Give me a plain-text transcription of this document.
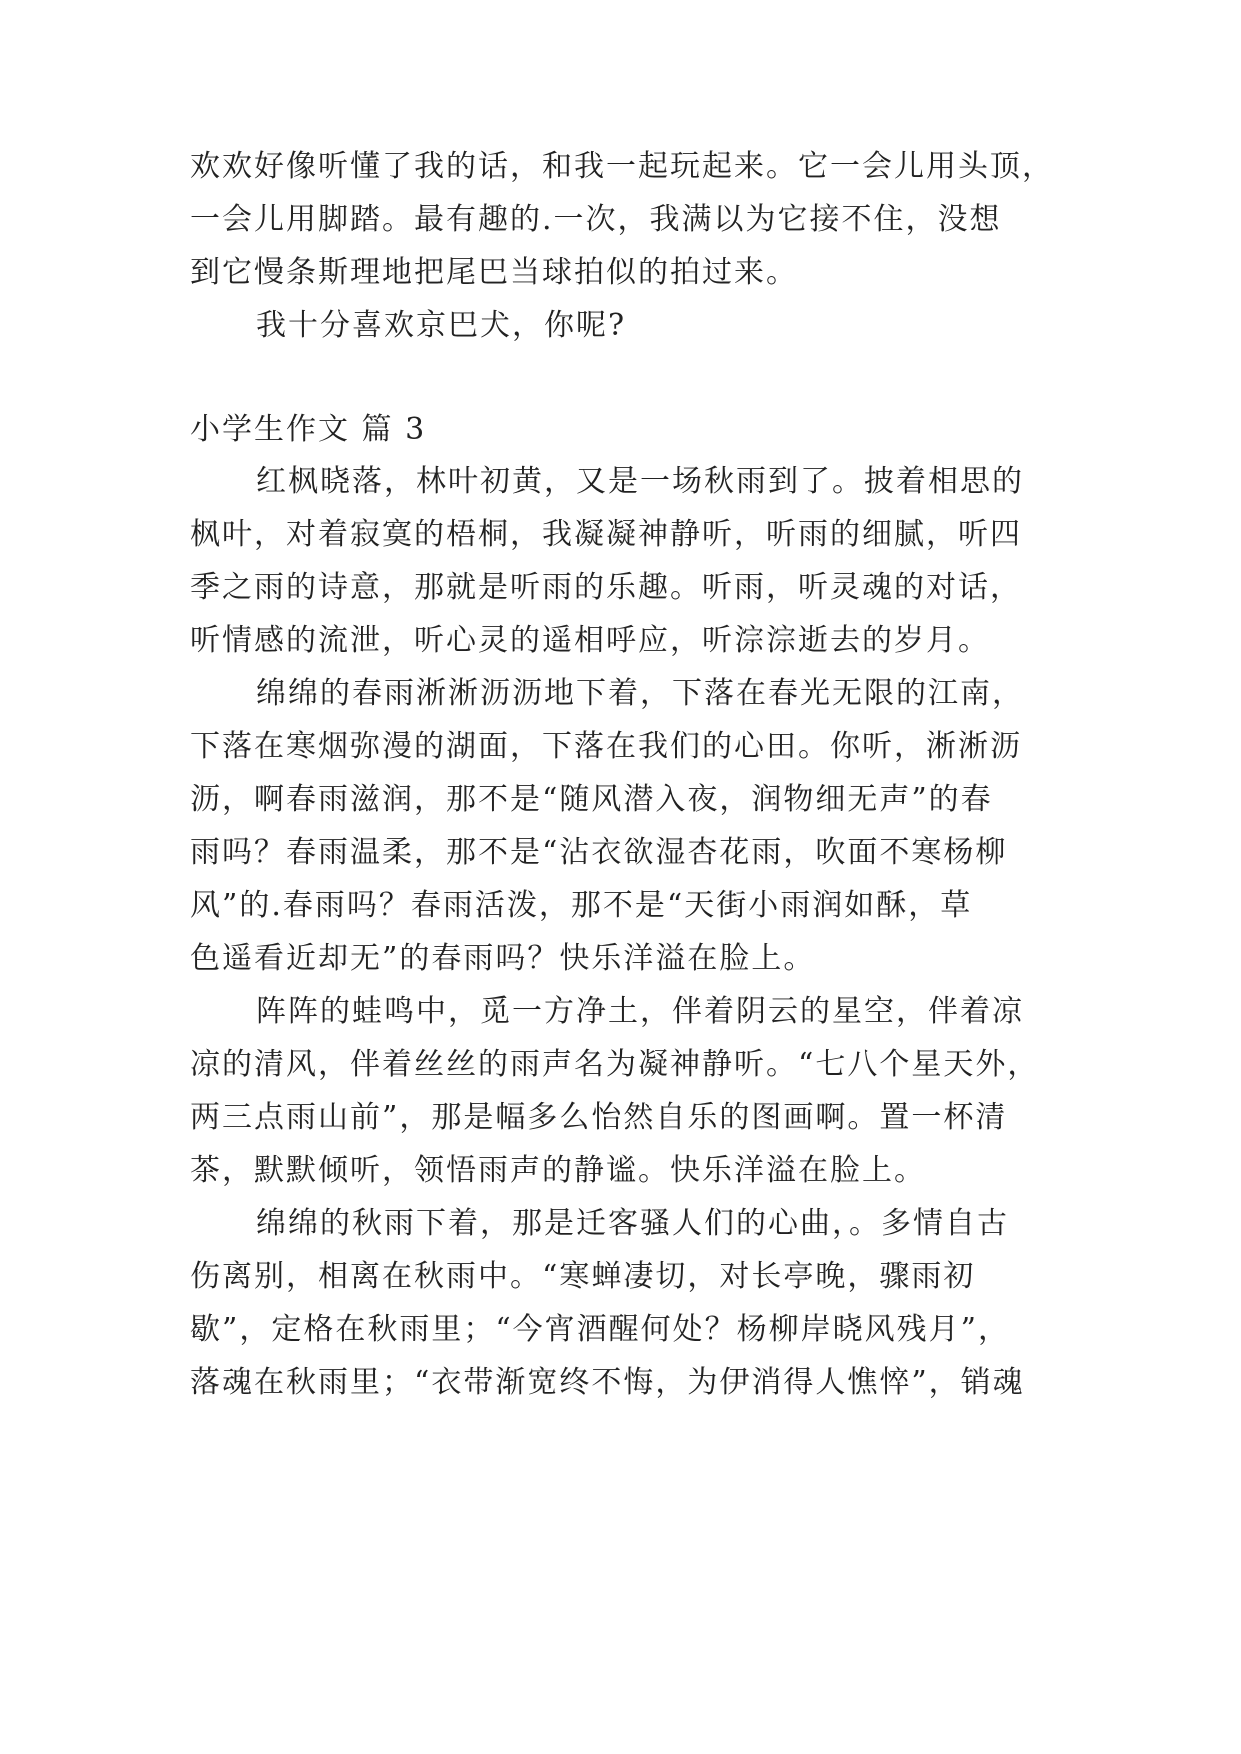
欢欢好像听懂了我的话，和我一起玩起来。它一会儿用头顶，

一会儿用脚踏。最有趣的.一次，我满以为它接不住，没想

到它慢条斯理地把尾巴当球拍似的拍过来。

我十分喜欢京巴犬，你呢?

小学生作文 篇 3

红枫晓落，林叶初黄，又是一场秋雨到了。披着相思的

枫叶，对着寂寞的梧桐，我凝凝神静听，听雨的细腻，听四

季之雨的诗意，那就是听雨的乐趣。听雨，听灵魂的对话，

听情感的流泄，听心灵的遥相呼应，听淙淙逝去的岁月。

绵绵的春雨淅淅沥沥地下着，下落在春光无限的江南，

下落在寒烟弥漫的湖面，下落在我们的心田。你听，淅淅沥

沥，啊春雨滋润，那不是“随风潜入夜，润物细无声”的春

雨吗？春雨温柔，那不是“沾衣欲湿杏花雨，吹面不寒杨柳

风”的.春雨吗？春雨活泼，那不是“天街小雨润如酥，草

色遥看近却无”的春雨吗？快乐洋溢在脸上。

阵阵的蛙鸣中，觅一方净土，伴着阴云的星空，伴着凉

凉的清风，伴着丝丝的雨声名为凝神静听。“七八个星天外，

两三点雨山前”，那是幅多么怡然自乐的图画啊。置一杯清

茶，默默倾听，领悟雨声的静谧。快乐洋溢在脸上。

绵绵的秋雨下着，那是迁客骚人们的心曲，。多情自古

伤离别，相离在秋雨中。“寒蝉凄切，对长亭晚，骤雨初

歇”，定格在秋雨里；“今宵酒醒何处？杨柳岸晓风残月”，

落魂在秋雨里；“衣带渐宽终不悔，为伊消得人憔悴”，销魂
